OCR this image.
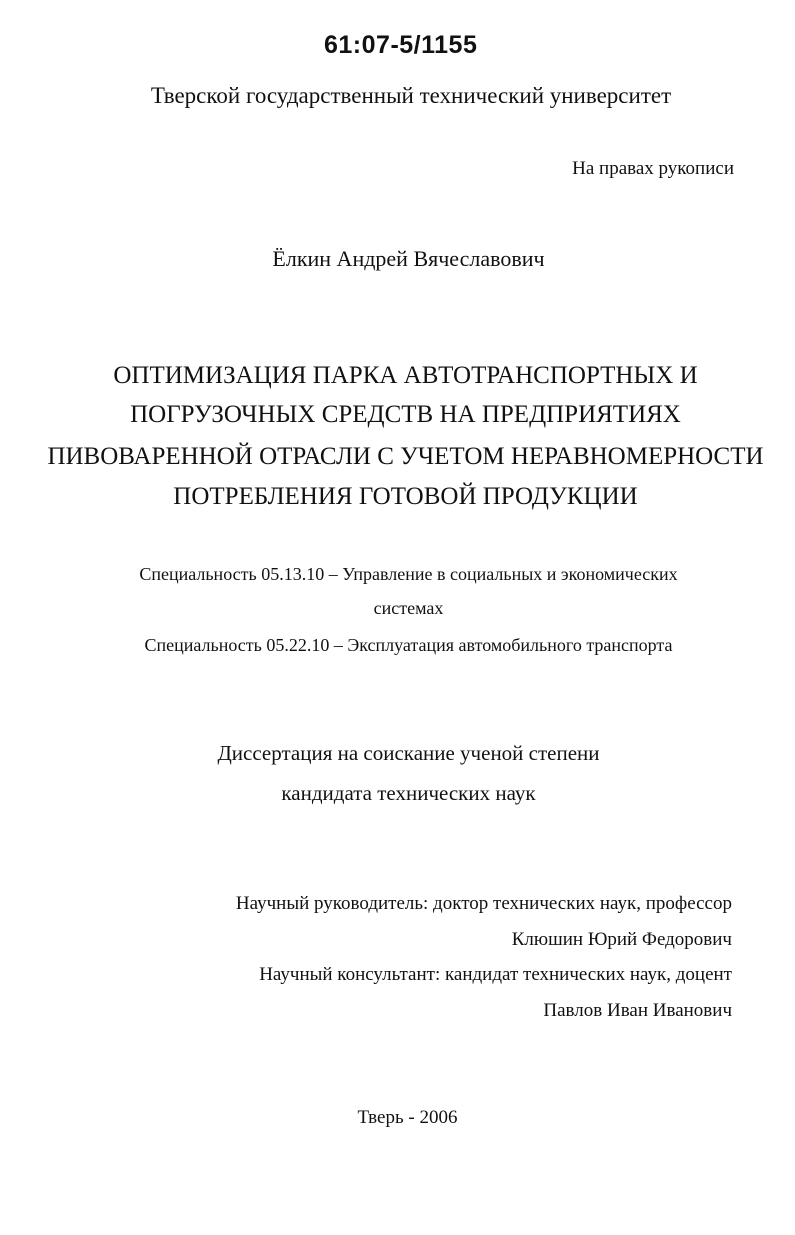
61:07-5/1155
Тверской государственный технический университет
На правах рукописи
Ёлкин Андрей Вячеславович
ОПТИМИЗАЦИЯ ПАРКА АВТОТРАНСПОРТНЫХ И
ПОГРУЗОЧНЫХ СРЕДСТВ НА ПРЕДПРИЯТИЯХ
ПИВОВАРЕННОЙ ОТРАСЛИ С УЧЕТОМ НЕРАВНОМЕРНОСТИ
ПОТРЕБЛЕНИЯ ГОТОВОЙ ПРОДУКЦИИ
Специальность 05.13.10 – Управление в социальных и экономических
системах
Специальность 05.22.10 – Эксплуатация автомобильного транспорта
Диссертация на соискание ученой степени
кандидата технических наук
Научный руководитель: доктор технических наук, профессор
Клюшин Юрий Федорович
Научный консультант: кандидат технических наук, доцент
Павлов Иван Иванович
Тверь - 2006
